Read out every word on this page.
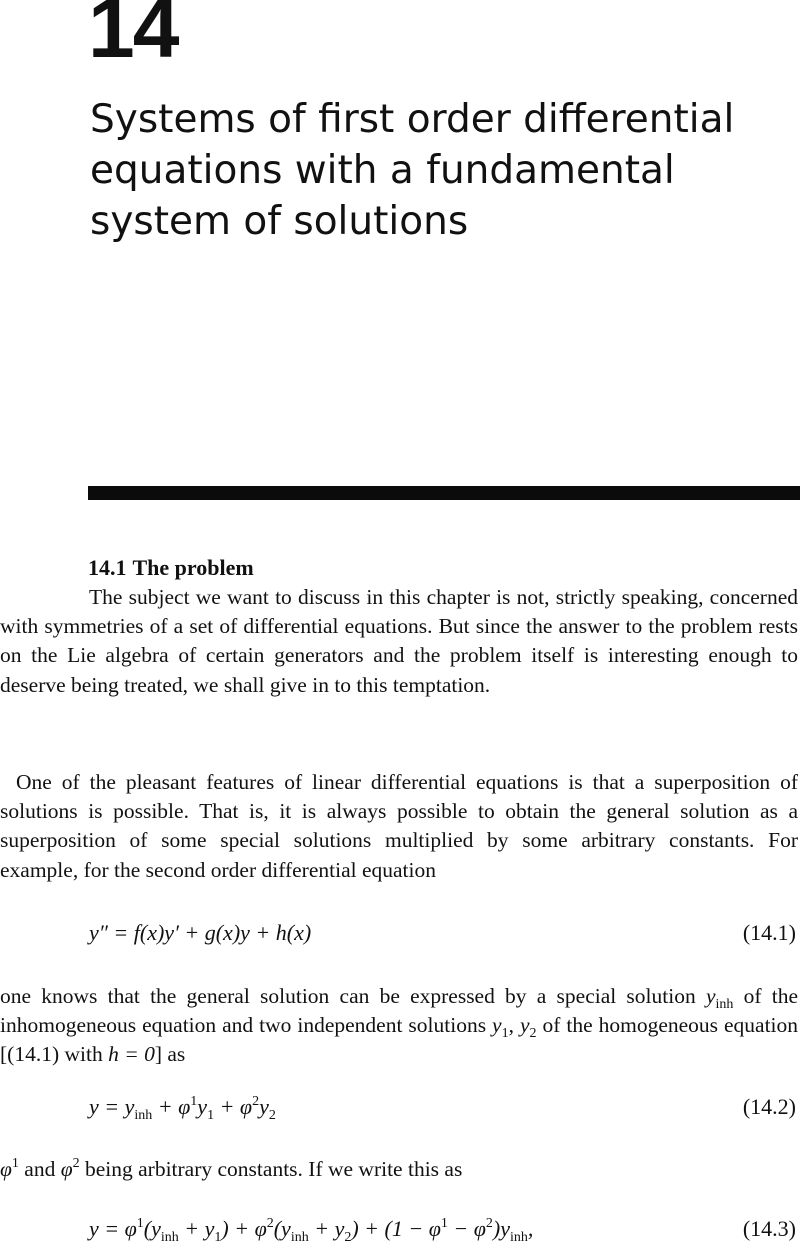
14
Systems of first order differential equations with a fundamental system of solutions
14.1 The problem

The subject we want to discuss in this chapter is not, strictly speaking, concerned with symmetries of a set of differential equations. But since the answer to the problem rests on the Lie algebra of certain generators and the problem itself is interesting enough to deserve being treated, we shall give in to this temptation.

One of the pleasant features of linear differential equations is that a superposition of solutions is possible. That is, it is always possible to obtain the general solution as a superposition of some special solutions multiplied by some arbitrary constants. For example, for the second order differential equation

y″ = f(x)y′ + g(x)y + h(x)	(14.1)

one knows that the general solution can be expressed by a special solution $y_{inh}$ of the inhomogeneous equation and two independent solutions $y_1$, $y_2$ of the homogeneous equation [(14.1) with h = 0] as

$y = y_{inh} + \varphi^1y_1 + \varphi^2y_2$	(14.2)

$\varphi^1$ and $\varphi^2$ being arbitrary constants. If we write this as

$y = \varphi^1(y_{inh} + y_1) + \varphi^2(y_{inh} + y_2) + (1 - \varphi^1 - \varphi^2)y_{inh}$,	(14.3)
